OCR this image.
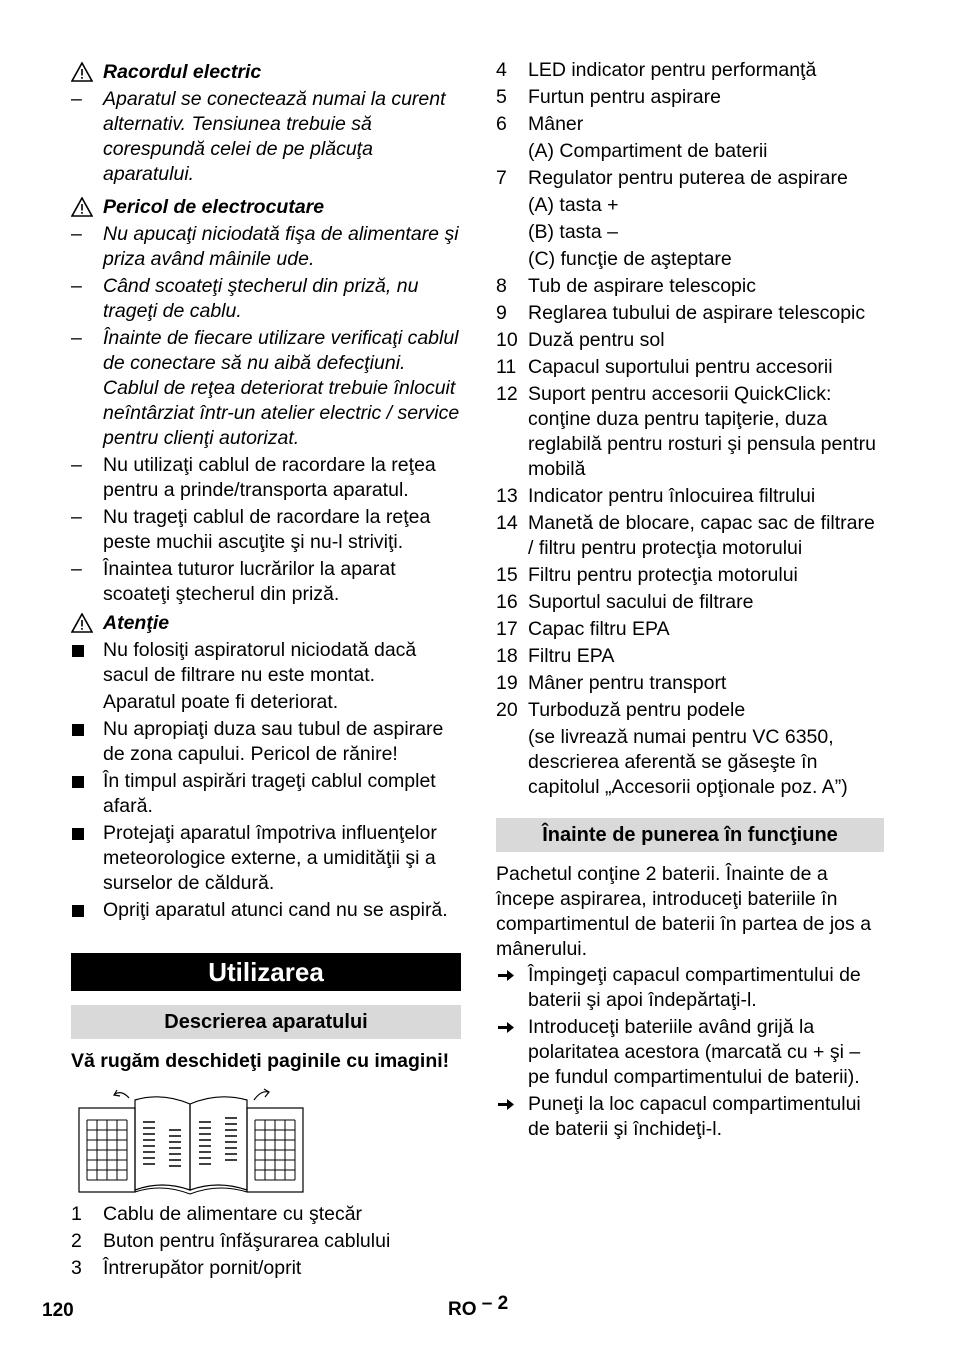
Racordul electric
– Aparatul se conectează numai la curent alternativ. Tensiunea trebuie să corespundă celei de pe plăcuţa aparatului.
Pericol de electrocutare
– Nu apucaţi niciodată fişa de alimentare şi priza având mâinile ude.
– Când scoateţi ştecherul din priză, nu trageţi de cablu.
– Înainte de fiecare utilizare verificaţi cablul de conectare să nu aibă defecţiuni. Cablul de reţea deteriorat trebuie înlocuit neîntârziat într-un atelier electric / service pentru clienţi autorizat.
– Nu utilizaţi cablul de racordare la reţea pentru a prinde/transporta aparatul.
– Nu trageţi cablul de racordare la reţea peste muchii ascuţite şi nu-l striviţi.
– Înaintea tuturor lucrărilor la aparat scoateţi ştecherul din priză.
Atenţie
Nu folosiţi aspiratorul niciodată dacă sacul de filtrare nu este montat.
Aparatul poate fi deteriorat.
Nu apropiaţi duza sau tubul de aspirare de zona capului. Pericol de rănire!
În timpul aspirări trageţi cablul complet afară.
Protejaţi aparatul împotriva influenţelor meteorologice externe, a umidităţii şi a surselor de căldură.
Opriţi aparatul atunci cand nu se aspiră.
Utilizarea
Descrierea aparatului

Vă rugăm deschideţi paginile cu imagini!

1 Cablu de alimentare cu ştecăr
2 Buton pentru înfăşurarea cablului
3 Întrerupător pornit/oprit
4 LED indicator pentru performanţă
5 Furtun pentru aspirare
6 Mâner
(A) Compartiment de baterii
7 Regulator pentru puterea de aspirare
(A) tasta +
(B) tasta –
(C) funcţie de aşteptare
8 Tub de aspirare telescopic
9 Reglarea tubului de aspirare telescopic
10 Duză pentru sol
11 Capacul suportului pentru accesorii
12 Suport pentru accesorii QuickClick: conţine duza pentru tapiţerie, duza reglabilă pentru rosturi şi pensula pentru mobilă
13 Indicator pentru înlocuirea filtrului
14 Manetă de blocare, capac sac de filtrare / filtru pentru protecţia motorului
15 Filtru pentru protecţia motorului
16 Suportul sacului de filtrare
17 Capac filtru EPA
18 Filtru EPA
19 Mâner pentru transport
20 Turboduză pentru podele
(se livrează numai pentru VC 6350, descrierea aferentă se găseşte în capitolul „Accesorii opţionale poz. A”)
Înainte de punerea în funcţiune

Pachetul conţine 2 baterii. Înainte de a începe aspirarea, introduceţi bateriile în compartimentul de baterii în partea de jos a mânerului.

Împingeţi capacul compartimentului de baterii şi apoi îndepărtaţi-l.
Introduceţi bateriile având grijă la polaritatea acestora (marcată cu + şi – pe fundul compartimentului de baterii).
Puneţi la loc capacul compartimentului de baterii şi închideţi-l.
120	RO – 2
